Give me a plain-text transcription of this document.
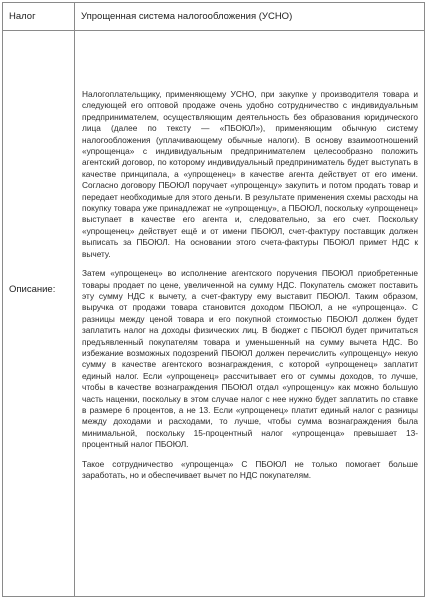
Налог	Упрощенная система налогообложения (УСНО)
Описание:

Налогоплательщику, применяющему УСНО, при закупке у производителя товара и следующей его оптовой продаже очень удобно сотрудничество с индивидуальным предпринимателем, осуществляющим деятельность без образования юридического лица (далее по тексту — «ПБОЮЛ»), применяющим обычную систему налогообложения (уплачивающему обычные налоги). В основу взаимоотношений «упрощенца» с индивидуальным предпринимателем целесообразно положить агентский договор, по которому индивидуальный предприниматель будет выступать в качестве принципала, а «упрощенец» в качестве агента действует от его имени. Согласно договору ПБОЮЛ поручает «упрощенцу» закупить и потом продать товар и передает необходимые для этого деньги. В результате применения схемы расходы на покупку товара уже принадлежат не «упрощенцу», а ПБОЮЛ, поскольку «упрощенец» выступает в качестве его агента и, следовательно, за его счет. Поскольку «упрощенец» действует ещё и от имени ПБОЮЛ, счет-фактуру поставщик должен выписать за ПБОЮЛ. На основании этого счета-фактуры ПБОЮЛ примет НДС к вычету.

Затем «упрощенец» во исполнение агентского поручения ПБОЮЛ приобретенные товары продает по цене, увеличенной на сумму НДС. Покупатель сможет поставить эту сумму НДС к вычету, а счет-фактуру ему выставит ПБОЮЛ. Таким образом, выручка от продажи товара становится доходом ПБОЮЛ, а не «упрощенца». С разницы между ценой товара и его покупной стоимостью ПБОЮЛ должен будет заплатить налог на доходы физических лиц. В бюджет с ПБОЮЛ будет причитаться предъявленный покупателям товара и уменьшенный на сумму вычета НДС. Во избежание возможных подозрений ПБОЮЛ должен перечислить «упрощенцу» некую сумму в качестве агентского вознаграждения, с которой «упрощенец» заплатит единый налог. Если «упрощенец» рассчитывает его от суммы доходов, то лучше, чтобы в качестве вознаграждения ПБОЮЛ отдал «упрощенцу» как можно большую часть наценки, поскольку в этом случае налог с нее нужно будет заплатить по ставке в размере 6 процентов, а не 13. Если «упрощенец» платит единый налог с разницы между доходами и расходами, то лучше, чтобы сумма вознаграждения была минимальной, поскольку 15-процентный налог «упрощенца» превышает 13-процентный налог ПБОЮЛ.

Такое сотрудничество «упрощенца» С ПБОЮЛ не только помогает больше заработать, но и обеспечивает вычет по НДС покупателям.
